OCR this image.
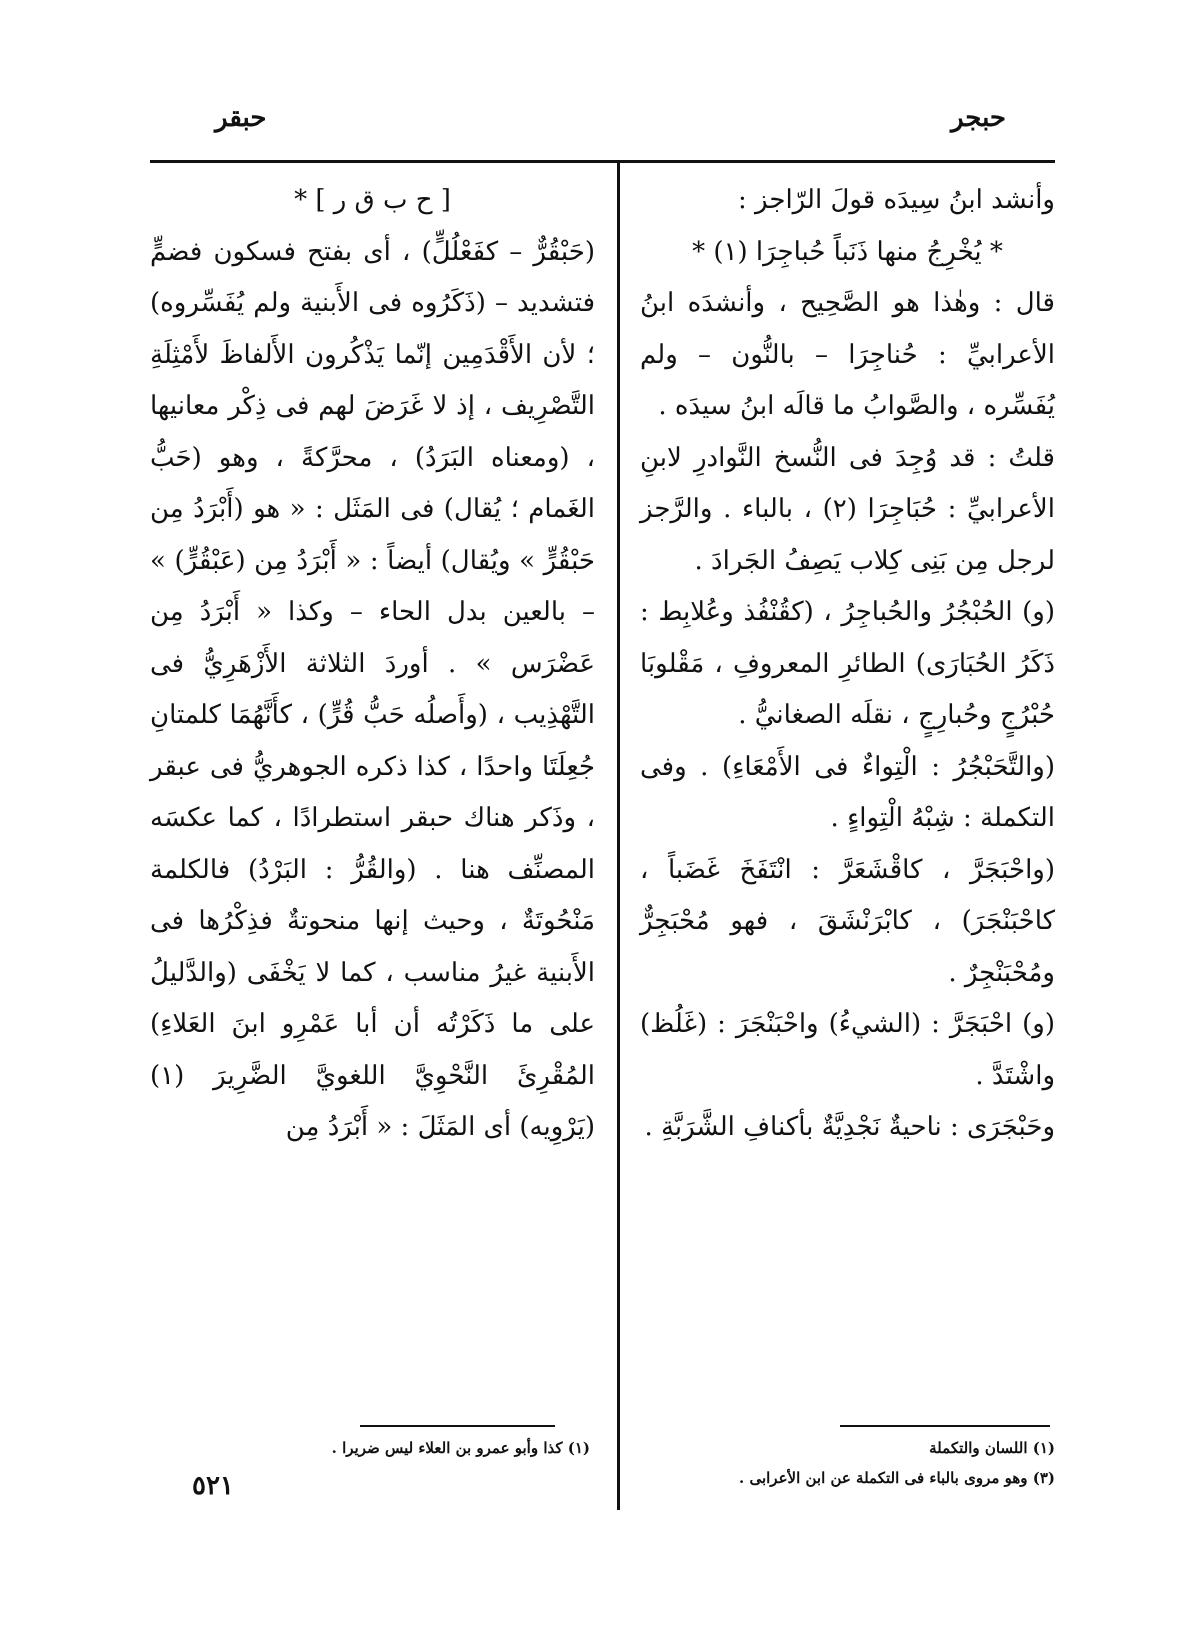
حبجر
حبقر

وأنشد ابنُ سِيدَه قولَ الرّاجز :

* يُخْرِجُ منها ذَنَباً حُباجِرَا (١) *

قال : وهٰذا هو الصَّحِيح ، وأنشدَه ابنُ الأعرابيِّ : حُناجِرَا – بالنُّون – ولم يُفَسِّره ، والصَّوابُ ما قالَه ابنُ سيدَه .

قلتُ : قد وُجِدَ فى النُّسخ النَّوادرِ لابنِ الأعرابيِّ : حُبَاجِرَا (٢) ، بالباء . والرَّجز لرجل مِن بَنِى كِلاب يَصِفُ الجَرادَ .

(و) الحُبْجُرُ والحُباجِرُ ، (كقُنْفُذ وعُلابِط : ذَكَرُ الحُبَارَى) الطائرِ المعروفِ ، مَقْلوبَا حُبْرُجٍ وحُبارِجٍ ، نقلَه الصغانيُّ .

(والتَّحَبْجُرُ : الْتِواءٌ فى الأَمْعَاءِ) . وفى التكملة : شِبْهُ الْتِواءٍ .

(واحْبَجَرَّ ، كاقْشَعَرَّ : انْتَفَخَ غَضَباً ، كاحْبَنْجَرَ) ، كابْرَنْشَقَ ، فهو مُحْبَجِرٌّ ومُحْبَنْجِرٌ .

(و) احْبَجَرَّ : (الشيءُ) واحْبَنْجَرَ : (غَلُظ) واشْتَدَّ .

وحَبْجَرَى : ناحيةٌ نَجْدِيَّةٌ بأكنافِ الشَّرَبَّةِ .

[ ح ب ق ر ] *

(حَبْقُرٌّ – كفَعْلُلٍّ) ، أى بفتح فسكون فضمٍّ فتشديد – (ذَكَرُوه فى الأَبنية ولم يُفَسِّروه) ؛ لأن الأَقْدَمِين إنّما يَذْكُرون الأَلفاظَ لأَمْثِلَةِ التَّصْرِيف ، إذ لا غَرَضَ لهم فى ذِكْر معانيها ، (ومعناه البَرَدُ) ، محرَّكةً ، وهو (حَبُّ الغَمام ؛ يُقال) فى المَثَل : « هو (أَبْرَدُ مِن حَبْقُرٍّ » ويُقال) أيضاً : « أَبْرَدُ مِن (عَبْقُرٍّ) » – بالعين بدل الحاء – وكذا « أَبْرَدُ مِن عَضْرَس » . أوردَ الثلاثة الأَزْهَرِيُّ فى التَّهْذِيب ، (وأَصلُه حَبُّ قُرٍّ) ، كأَنَّهُمَا كلمتانِ جُعِلَتَا واحدًا ، كذا ذكره الجوهريُّ فى عبقر ، وذَكر هناك حبقر استطرادًا ، كما عكسَه المصنِّف هنا . (والقُرُّ : البَرْدُ) فالكلمة مَنْحُوتَةٌ ، وحيث إنها منحوتةٌ فذِكْرُها فى الأَبنية غيرُ مناسب ، كما لا يَخْفَى (والدَّليلُ على ما ذَكَرْتُه أن أبا عَمْرِو ابنَ العَلاءِ) المُقْرِئَ النَّحْوِيَّ اللغويَّ الضَّرِيرَ (١) (يَرْوِيه) أى المَثَلَ : « أَبْرَدُ مِن

(١) اللسان والتكملة

(٣) وهو مروى بالباء فى التكملة عن ابن الأعرابى .

(١) كذا وأبو عمرو بن العلاء ليس ضريرا .

٥٢١
